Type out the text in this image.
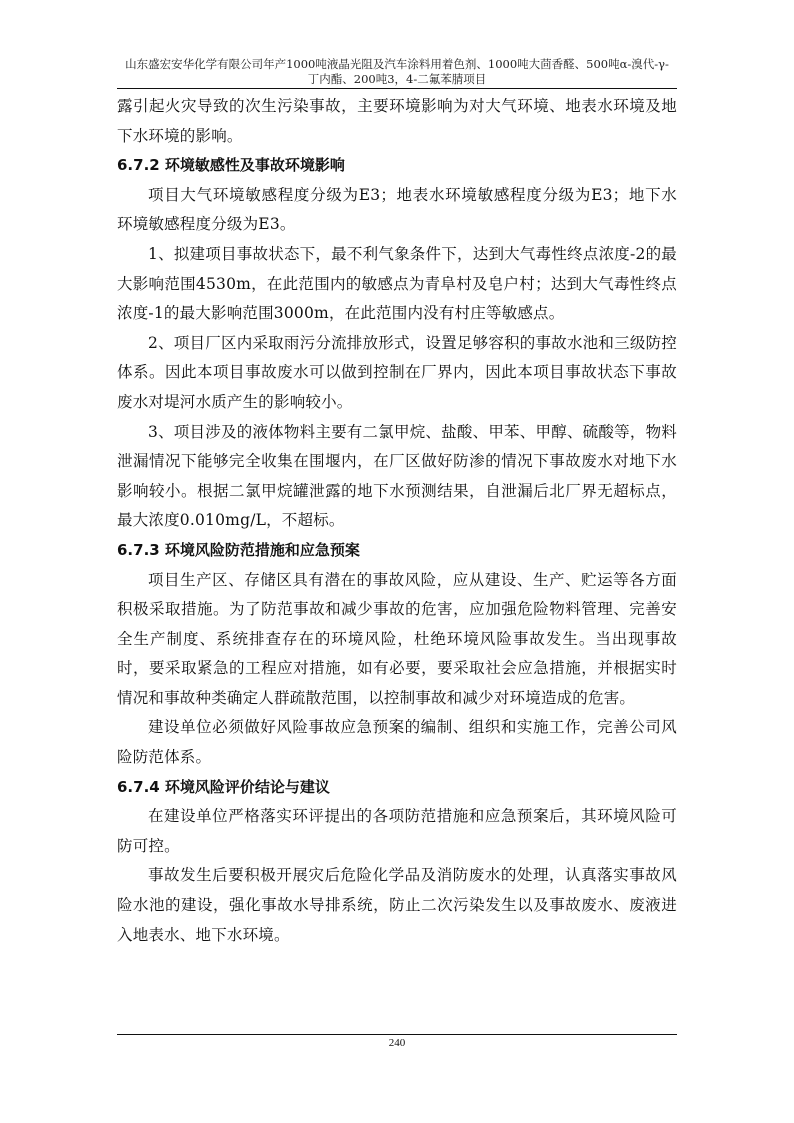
山东盛宏安华化学有限公司年产1000吨液晶光阻及汽车涂料用着色剂、1000吨大茴香醛、500吨α-溴代-γ-
丁内酯、200吨3，4-二氟苯腈项目

露引起火灾导致的次生污染事故，主要环境影响为对大气环境、地表水环境及地下水环境的影响。

6.7.2 环境敏感性及事故环境影响

项目大气环境敏感程度分级为E3；地表水环境敏感程度分级为E3；地下水环境敏感程度分级为E3。

1、拟建项目事故状态下，最不利气象条件下，达到大气毒性终点浓度-2的最大影响范围4530m，在此范围内的敏感点为青阜村及皂户村；达到大气毒性终点浓度-1的最大影响范围3000m，在此范围内没有村庄等敏感点。

2、项目厂区内采取雨污分流排放形式，设置足够容积的事故水池和三级防控体系。因此本项目事故废水可以做到控制在厂界内，因此本项目事故状态下事故废水对堤河水质产生的影响较小。

3、项目涉及的液体物料主要有二氯甲烷、盐酸、甲苯、甲醇、硫酸等，物料泄漏情况下能够完全收集在围堰内，在厂区做好防渗的情况下事故废水对地下水影响较小。根据二氯甲烷罐泄露的地下水预测结果，自泄漏后北厂界无超标点，最大浓度0.010mg/L，不超标。

6.7.3 环境风险防范措施和应急预案

项目生产区、存储区具有潜在的事故风险，应从建设、生产、贮运等各方面积极采取措施。为了防范事故和减少事故的危害，应加强危险物料管理、完善安全生产制度、系统排查存在的环境风险，杜绝环境风险事故发生。当出现事故时，要采取紧急的工程应对措施，如有必要，要采取社会应急措施，并根据实时情况和事故种类确定人群疏散范围，以控制事故和减少对环境造成的危害。

建设单位必须做好风险事故应急预案的编制、组织和实施工作，完善公司风险防范体系。

6.7.4 环境风险评价结论与建议

在建设单位严格落实环评提出的各项防范措施和应急预案后，其环境风险可防可控。

事故发生后要积极开展灾后危险化学品及消防废水的处理，认真落实事故风险水池的建设，强化事故水导排系统，防止二次污染发生以及事故废水、废液进入地表水、地下水环境。

240
